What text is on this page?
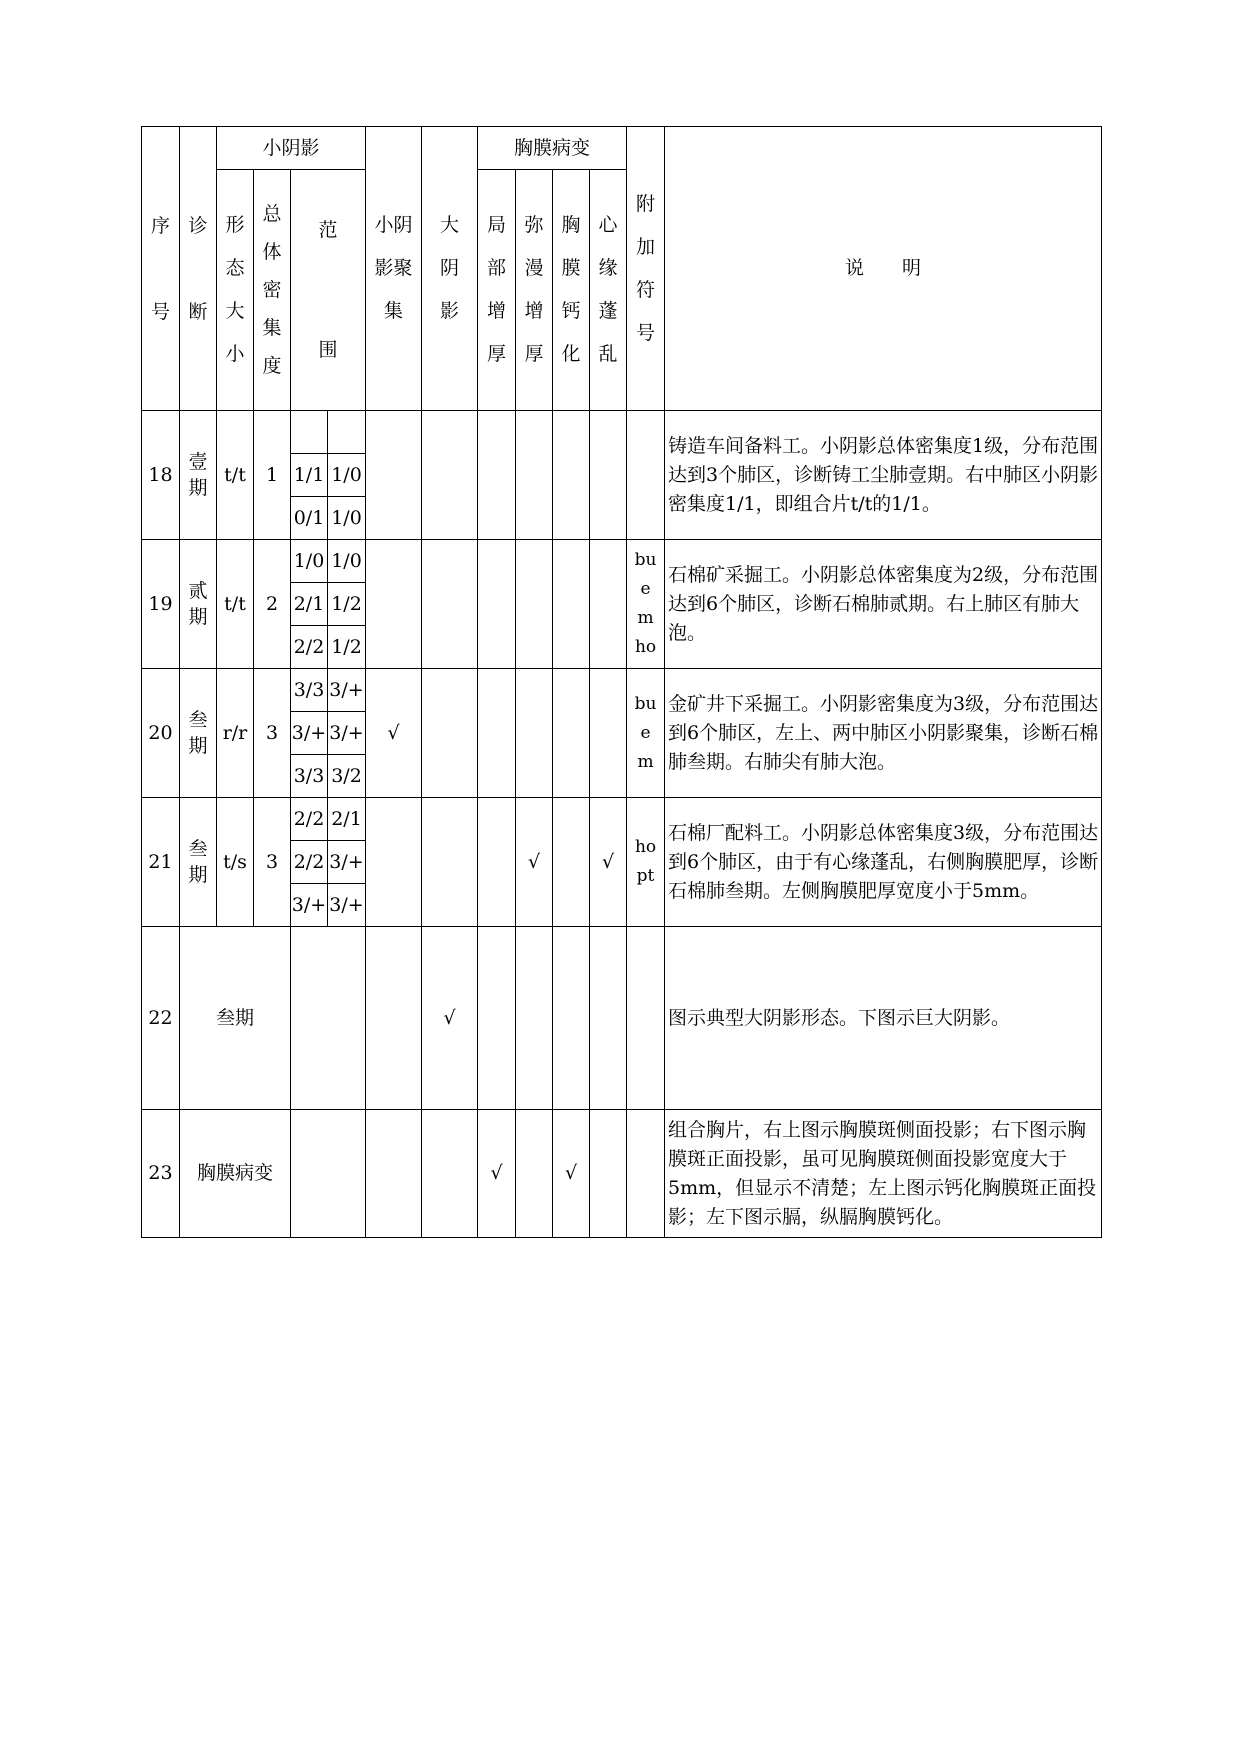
序号	诊断	小阴影				小阴影聚集	大阴影	胸膜病变				附加符号	说　　明
		形态大小	总体密集度	范围				局部增厚	弥漫增厚	胸膜钙化	心缘蓬乱		
18	壹期	t/t	1										铸造车间备料工。小阴影总体密集度1级，分布范围达到3个肺区，诊断铸工尘肺壹期。右中肺区小阴影密集度1/1，即组合片t/t的1/1。
				1/1	1/0								
				0/1	1/0								
19	贰期	t/t	2	1/0	1/0							bu em ho	石棉矿采掘工。小阴影总体密集度为2级，分布范围达到6个肺区，诊断石棉肺贰期。右上肺区有肺大泡。
				2/1	1/2								
				2/2	1/2								
20	叁期	r/r	3	3/3	3/+	√						bu em	金矿井下采掘工。小阴影密集度为3级，分布范围达到6个肺区，左上、两中肺区小阴影聚集，诊断石棉肺叁期。右肺尖有肺大泡。
				3/+	3/+								
				3/3	3/2								
21	叁期	t/s	3	2/2	2/1				√		√	ho pt	石棉厂配料工。小阴影总体密集度3级，分布范围达到6个肺区，由于有心缘蓬乱，右侧胸膜肥厚，诊断石棉肺叁期。左侧胸膜肥厚宽度小于5mm。
				2/2	3/+								
				3/+	3/+								
22	叁期						√						图示典型大阴影形态。下图示巨大阴影。
23	胸膜病变							√		√			组合胸片，右上图示胸膜斑侧面投影；右下图示胸膜斑正面投影，虽可见胸膜斑侧面投影宽度大于5mm，但显示不清楚；左上图示钙化胸膜斑正面投影；左下图示膈，纵膈胸膜钙化。
